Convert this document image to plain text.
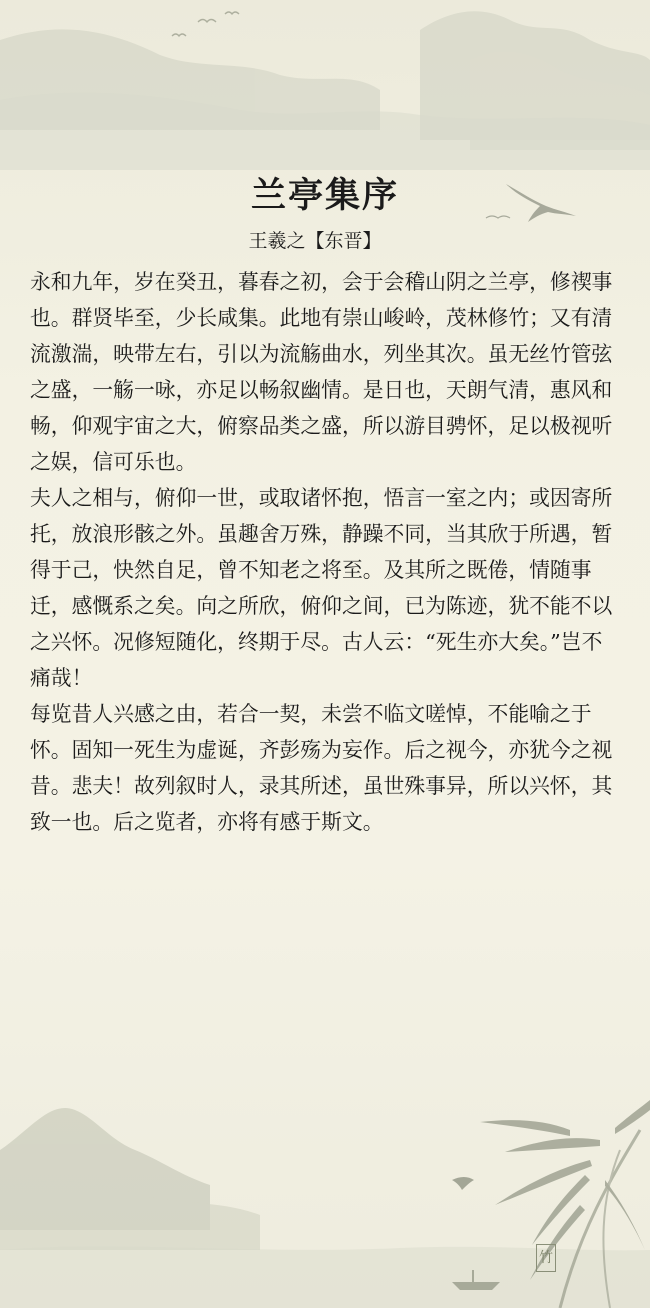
兰亭集序
王羲之【东晋】

永和九年，岁在癸丑，暮春之初，会于会稽山阴之兰亭，修禊事也。群贤毕至，少长咸集。此地有崇山峻岭，茂林修竹；又有清流激湍，映带左右，引以为流觞曲水，列坐其次。虽无丝竹管弦之盛，一觞一咏，亦足以畅叙幽情。是日也，天朗气清，惠风和畅，仰观宇宙之大，俯察品类之盛，所以游目骋怀，足以极视听之娱，信可乐也。

夫人之相与，俯仰一世，或取诸怀抱，悟言一室之内；或因寄所托，放浪形骸之外。虽趣舍万殊，静躁不同，当其欣于所遇，暂得于己，快然自足，曾不知老之将至。及其所之既倦，情随事迁，感慨系之矣。向之所欣，俯仰之间，已为陈迹，犹不能不以之兴怀。况修短随化，终期于尽。古人云：“死生亦大矣。”岂不痛哉！

每览昔人兴感之由，若合一契，未尝不临文嗟悼，不能喻之于怀。固知一死生为虚诞，齐彭殇为妄作。后之视今，亦犹今之视昔。悲夫！故列叙时人，录其所述，虽世殊事异，所以兴怀，其致一也。后之览者，亦将有感于斯文。

竹
